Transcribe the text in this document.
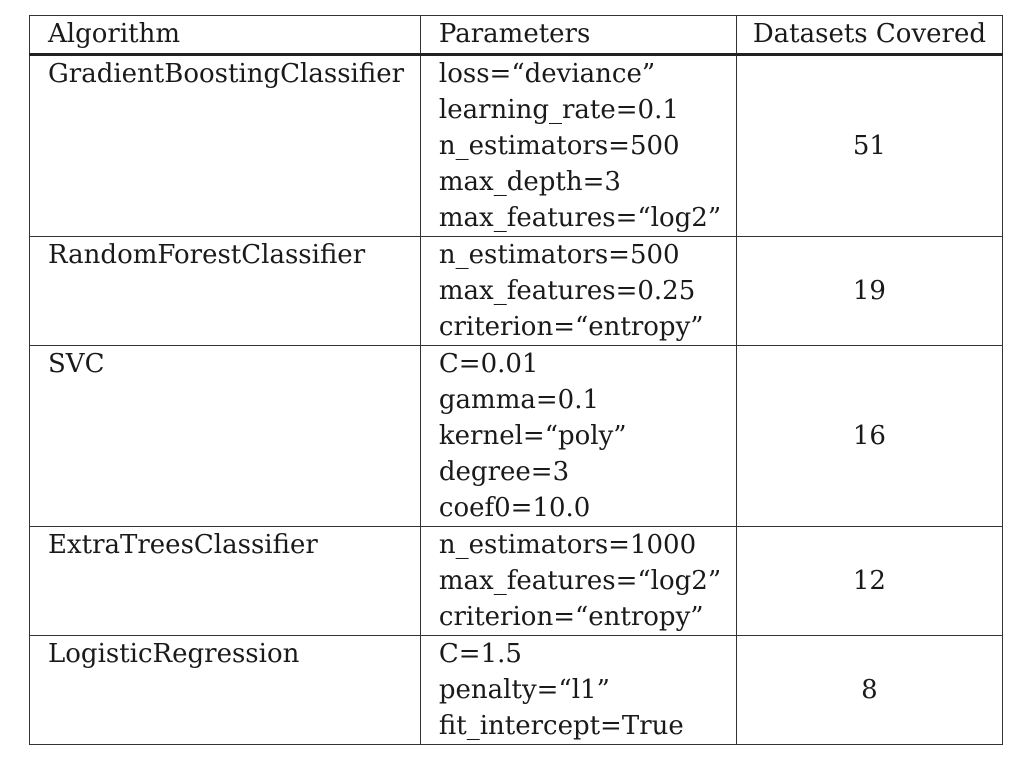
Algorithm	Parameters	Datasets Covered
GradientBoostingClassifier	loss=“deviance”
learning_rate=0.1
n_estimators=500
max_depth=3
max_features=“log2”	51
RandomForestClassifier	n_estimators=500
max_features=0.25
criterion=“entropy”	19
SVC	C=0.01
gamma=0.1
kernel=“poly”
degree=3
coef0=10.0	16
ExtraTreesClassifier	n_estimators=1000
max_features=“log2”
criterion=“entropy”	12
LogisticRegression	C=1.5
penalty=“l1”
fit_intercept=True	8
